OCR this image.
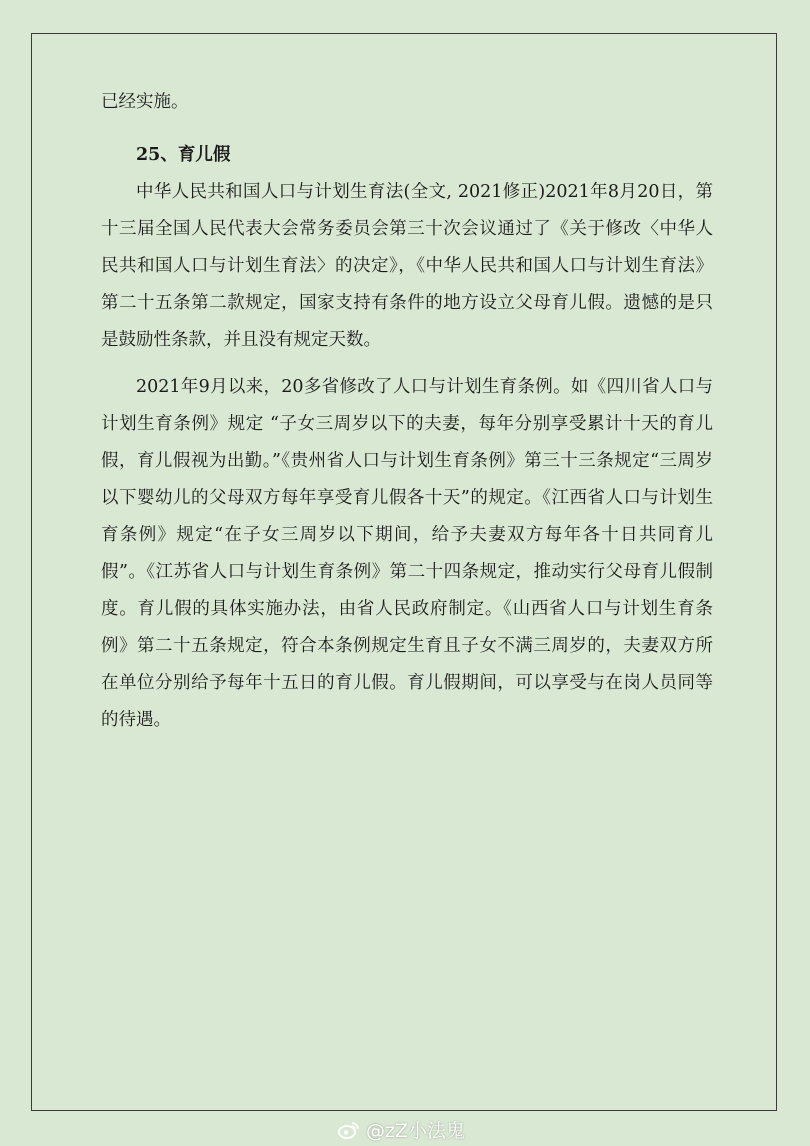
已经实施。

25、育儿假

中华人民共和国人口与计划生育法(全文, 2021修正)2021年8月20日，第十三届全国人民代表大会常务委员会第三十次会议通过了《关于修改〈中华人民共和国人口与计划生育法〉的决定》，《中华人民共和国人口与计划生育法》第二十五条第二款规定，国家支持有条件的地方设立父母育儿假。遗憾的是只是鼓励性条款，并且没有规定天数。

2021年9月以来，20多省修改了人口与计划生育条例。如《四川省人口与计划生育条例》规定 “子女三周岁以下的夫妻，每年分别享受累计十天的育儿假，育儿假视为出勤。”《贵州省人口与计划生育条例》第三十三条规定“三周岁以下婴幼儿的父母双方每年享受育儿假各十天”的规定。《江西省人口与计划生育条例》规定“在子女三周岁以下期间，给予夫妻双方每年各十日共同育儿假”。《江苏省人口与计划生育条例》第二十四条规定，推动实行父母育儿假制度。育儿假的具体实施办法，由省人民政府制定。《山西省人口与计划生育条例》第二十五条规定，符合本条例规定生育且子女不满三周岁的，夫妻双方所在单位分别给予每年十五日的育儿假。育儿假期间，可以享受与在岗人员同等的待遇。

@zZ小法鬼
